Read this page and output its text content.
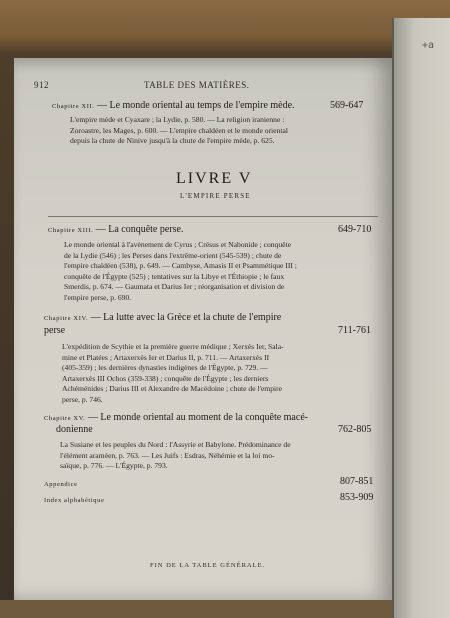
+a
912	TABLE DES MATIÈRES.
Chapitre XII. — Le monde oriental au temps de l'empire mède.	569-647
L'empire mède et Cyaxare ; la Lydie, p. 580. — La religion iranienne :
Zoroastre, les Mages, p. 600. — L'empire chaldéen et le monde oriental
depuis la chute de Ninive jusqu'à la chute de l'empire mède, p. 625.
LIVRE V
L'EMPIRE PERSE
Chapitre XIII. — La conquête perse.	649-710
Le monde oriental à l'avènement de Cyrus ; Crésus et Nabonide ; conquête
de la Lydie (546) ; les Perses dans l'extrême-orient (545-539) ; chute de
l'empire chaldéen (538), p. 649. — Cambyse, Amasis II et Psammétique III ;
conquête de l'Égypte (525) ; tentatives sur la Libye et l'Éthiopie ; le faux
Smerdis, p. 674. — Gaumata et Darius Ier ; réorganisation et division de
l'empire perse, p. 690.
Chapitre XIV. — La lutte avec la Grèce et la chute de l'empire
perse	711-761
L'expédition de Scythie et la première guerre médique ; Xerxès Ier, Sala-
mine et Platées ; Artaxerxès Ier et Darius II, p. 711. — Artaxerxès II
(405-359) ; les dernières dynasties indigènes de l'Égypte, p. 729. —
Artaxerxès III Ochos (359-338) ; conquête de l'Égypte ; les derniers
Achéménides ; Darius III et Alexandre de Macédoine ; chute de l'empire
perse, p. 746.
Chapitre XV. — Le monde oriental au moment de la conquête macé-
donienne	762-805
La Susiane et les peuples du Nord : l'Assyrie et Babylone. Prédominance de
l'élément araméen, p. 763. — Les Juifs : Esdras, Néhémie et la loi mo-
saïque, p. 776. — L'Égypte, p. 793.
Appendice	807-851
Index alphabétique	853-909
FIN DE LA TABLE GÉNÉRALE.
